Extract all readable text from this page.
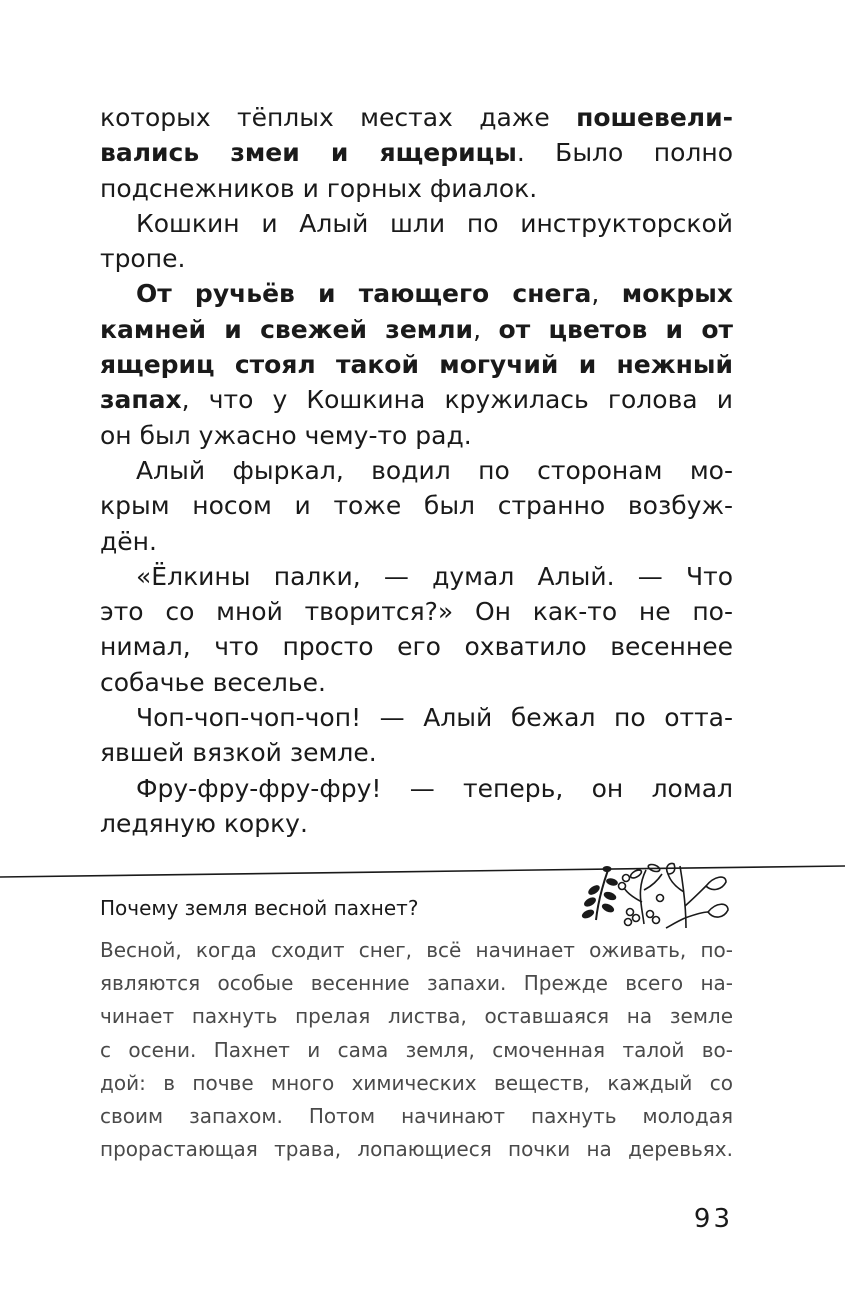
которых тёплых местах даже пошевели-
вались змеи и ящерицы. Было полно
подснежников и горных фиалок.
Кошкин и Алый шли по инструкторской
тропе.
От ручьёв и тающего снега, мокрых
камней и свежей земли, от цветов и от
ящериц стоял такой могучий и нежный
запах, что у Кошкина кружилась голова и
он был ужасно чему-то рад.
Алый фыркал, водил по сторонам мо-
крым носом и тоже был странно возбуж-
дён.
«Ёлкины палки, — думал Алый. — Что
это со мной творится?» Он как-то не по-
нимал, что просто его охватило весеннее
собачье веселье.
Чоп-чоп-чоп-чоп! — Алый бежал по отта-
явшей вязкой земле.
Фру-фру-фру-фру! — теперь, он ломал
ледяную корку.
Почему земля весной пахнет?
Весной, когда сходит снег, всё начинает оживать, по-
являются особые весенние запахи. Прежде всего на-
чинает пахнуть прелая листва, оставшаяся на земле
с осени. Пахнет и сама земля, смоченная талой во-
дой: в почве много химических веществ, каждый со
своим запахом. Потом начинают пахнуть молодая
прорастающая трава, лопающиеся почки на деревьях.
93
